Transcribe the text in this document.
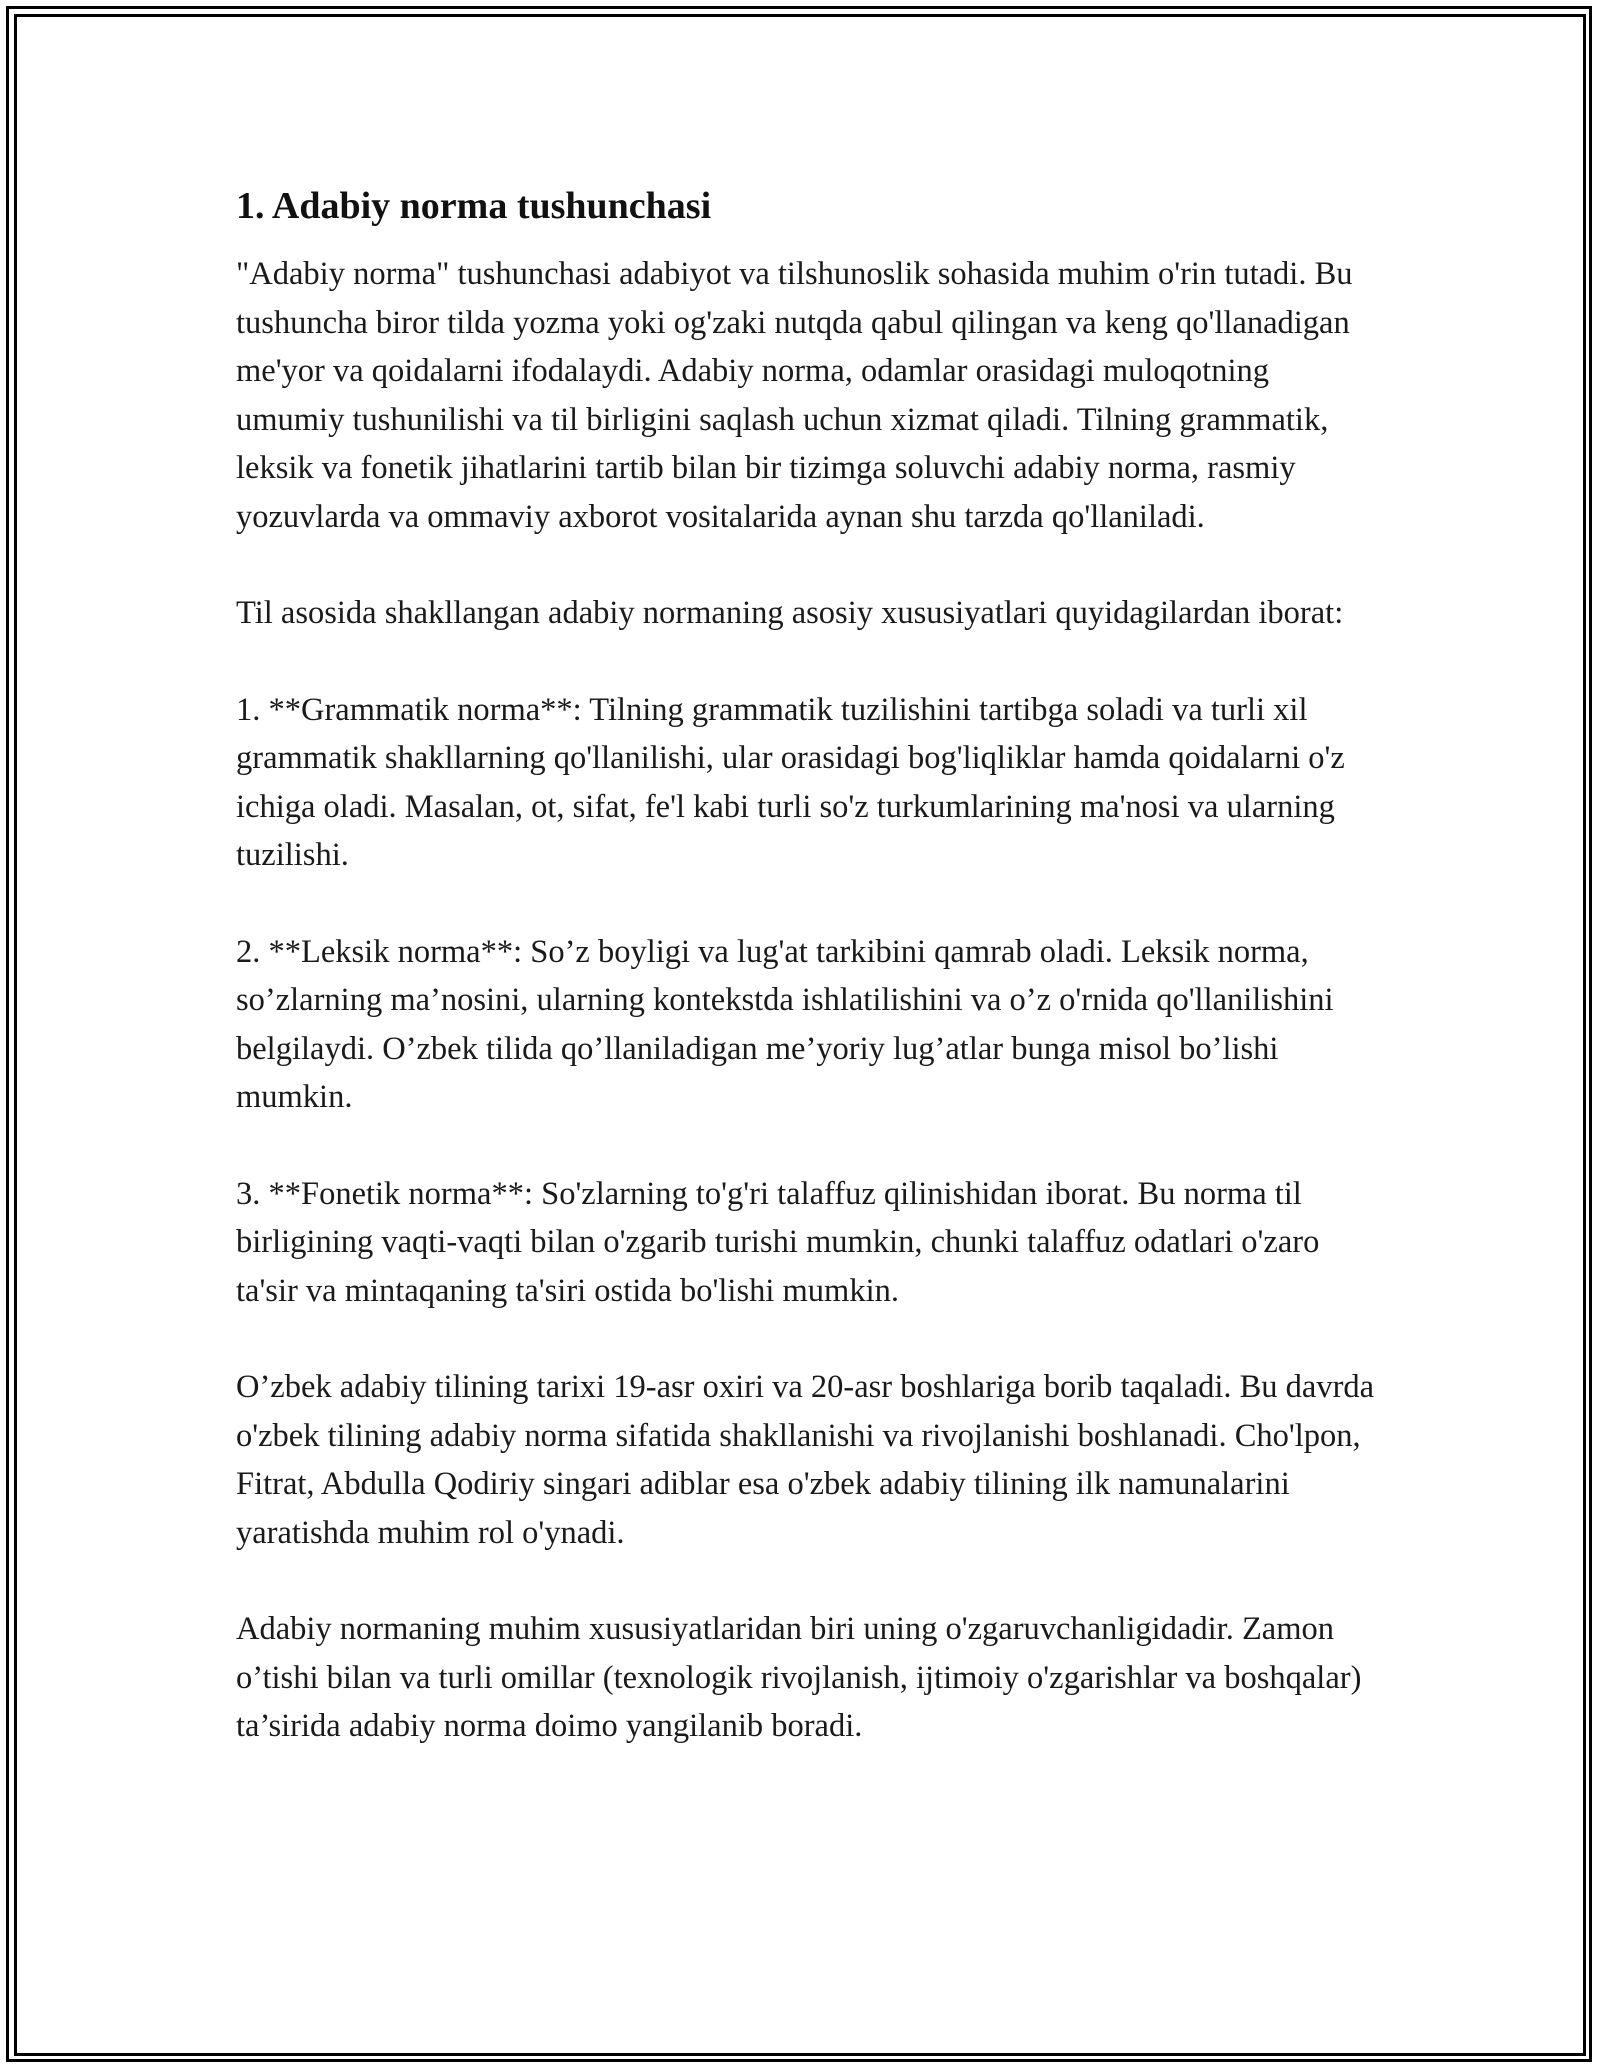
1. Adabiy norma tushunchasi

"Adabiy norma" tushunchasi adabiyot va tilshunoslik sohasida muhim o'rin tutadi. Bu tushuncha biror tilda yozma yoki og'zaki nutqda qabul qilingan va keng qo'llanadigan me'yor va qoidalarni ifodalaydi. Adabiy norma, odamlar orasidagi muloqotning umumiy tushunilishi va til birligini saqlash uchun xizmat qiladi. Tilning grammatik, leksik va fonetik jihatlarini tartib bilan bir tizimga soluvchi adabiy norma, rasmiy yozuvlarda va ommaviy axborot vositalarida aynan shu tarzda qo'llaniladi.

Til asosida shakllangan adabiy normaning asosiy xususiyatlari quyidagilardan iborat:

1. **Grammatik norma**: Tilning grammatik tuzilishini tartibga soladi va turli xil grammatik shakllarning qo'llanilishi, ular orasidagi bog'liqliklar hamda qoidalarni o'z ichiga oladi. Masalan, ot, sifat, fe'l kabi turli so'z turkumlarining ma'nosi va ularning tuzilishi.

2. **Leksik norma**: So’z boyligi va lug'at tarkibini qamrab oladi. Leksik norma, so’zlarning ma’nosini, ularning kontekstda ishlatilishini va o’z o'rnida qo'llanilishini belgilaydi. O’zbek tilida qo’llaniladigan me’yoriy lug’atlar bunga misol bo’lishi mumkin.

3. **Fonetik norma**: So'zlarning to'g'ri talaffuz qilinishidan iborat. Bu norma til birligining vaqti-vaqti bilan o'zgarib turishi mumkin, chunki talaffuz odatlari o'zaro ta'sir va mintaqaning ta'siri ostida bo'lishi mumkin.

O’zbek adabiy tilining tarixi 19-asr oxiri va 20-asr boshlariga borib taqaladi. Bu davrda o'zbek tilining adabiy norma sifatida shakllanishi va rivojlanishi boshlanadi. Cho'lpon, Fitrat, Abdulla Qodiriy singari adiblar esa o'zbek adabiy tilining ilk namunalarini yaratishda muhim rol o'ynadi.

Adabiy normaning muhim xususiyatlaridan biri uning o'zgaruvchanligidadir. Zamon o’tishi bilan va turli omillar (texnologik rivojlanish, ijtimoiy o'zgarishlar va boshqalar) ta’sirida adabiy norma doimo yangilanib boradi.
